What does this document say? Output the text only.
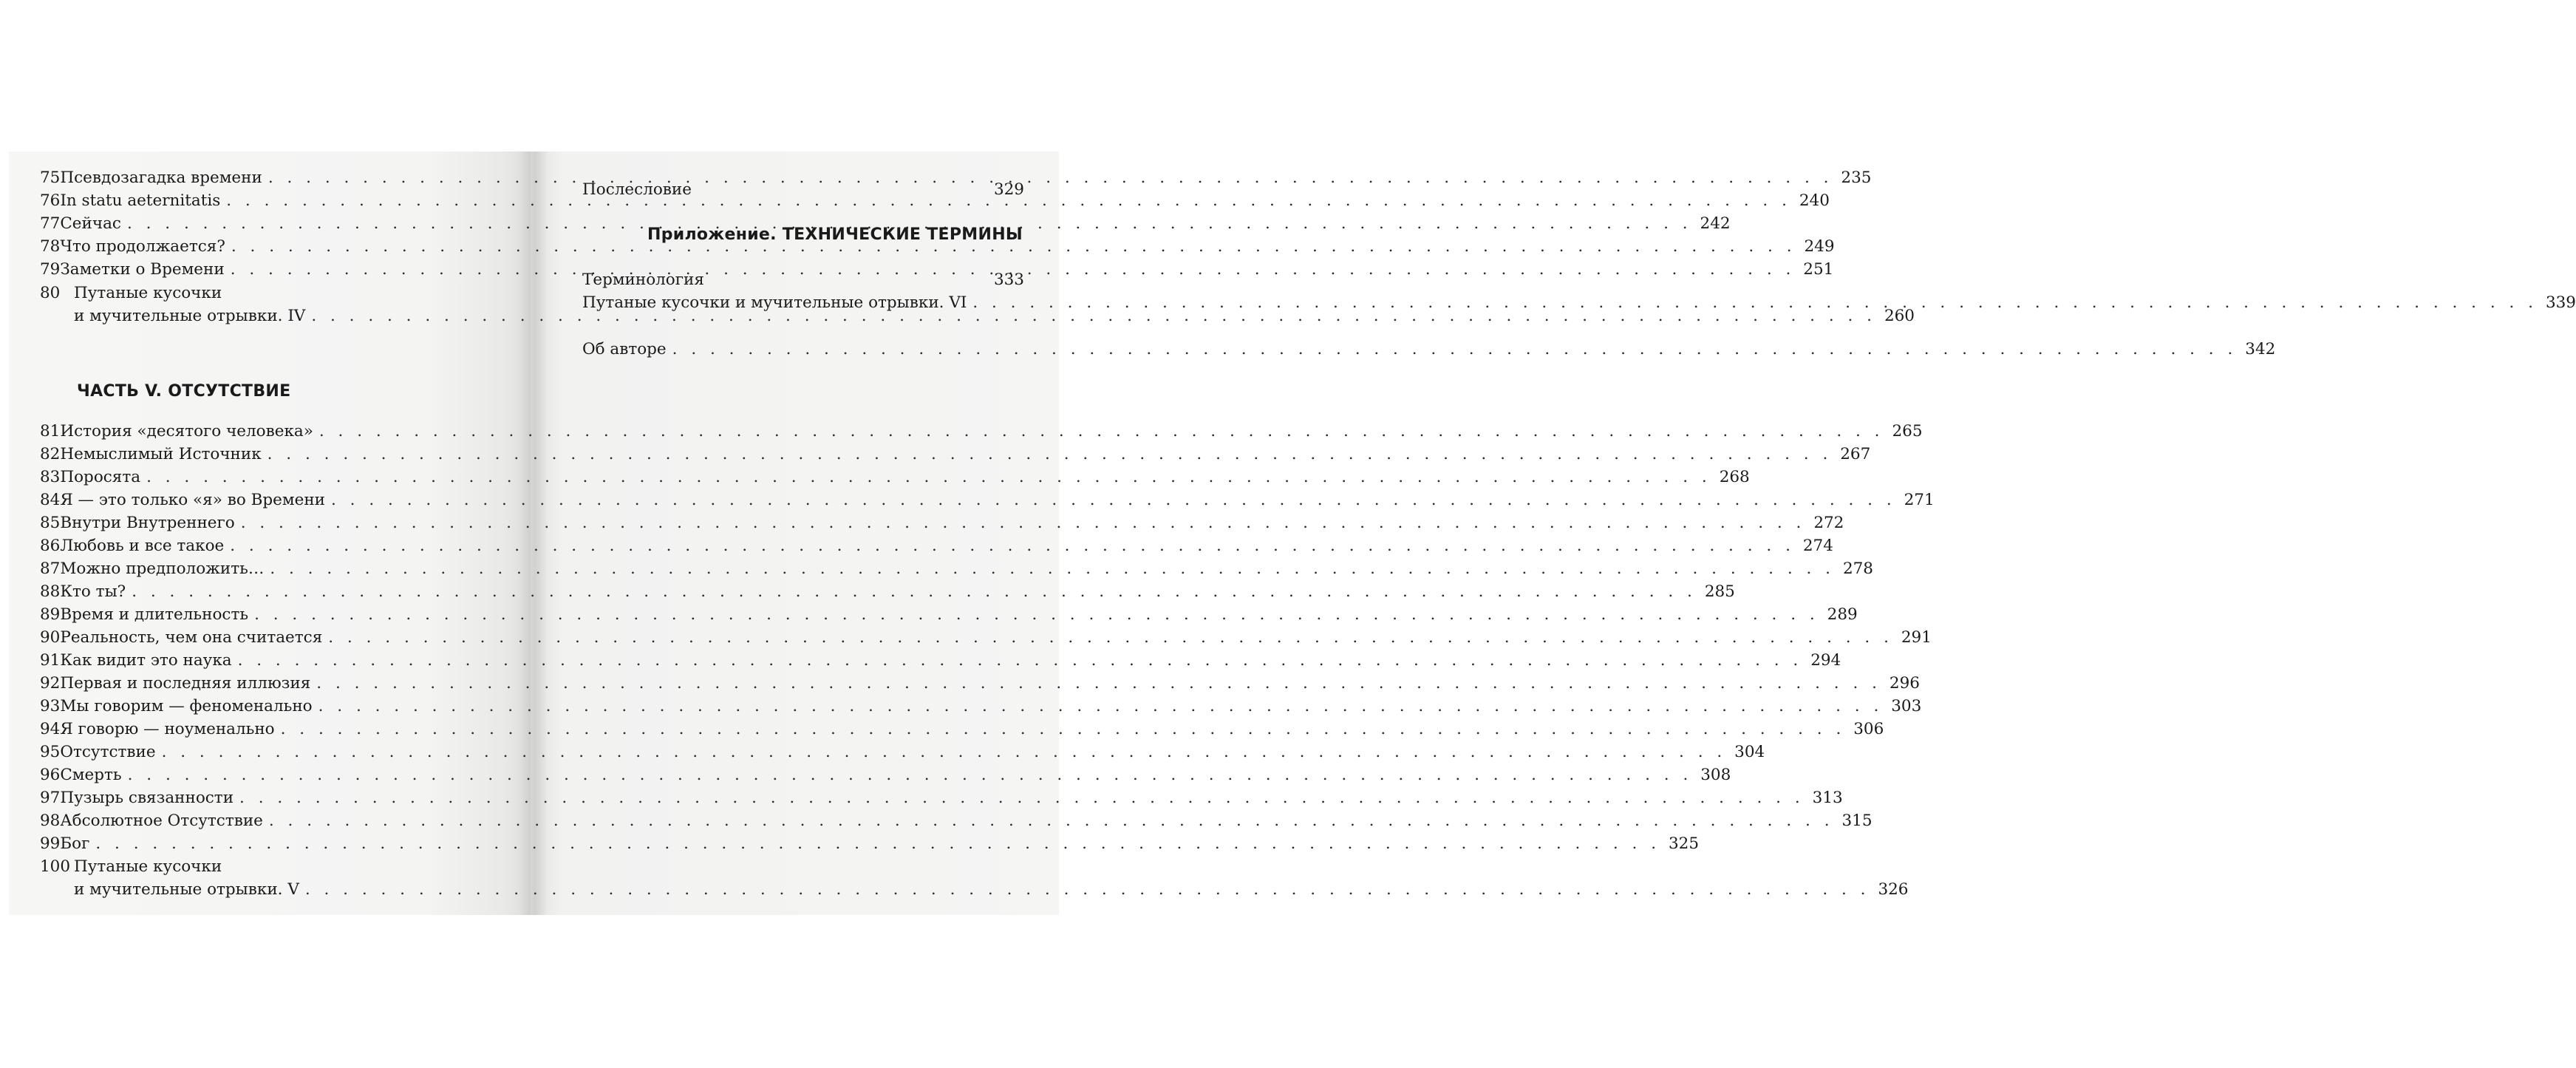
75 Псевдозагадка времени . . .	235
76 In statu aeternitatis . . .	240
77 Сейчас . . .	242
78 Что продолжается? . . .	249
79 Заметки о Времени . . .	251
80 Путаные кусочки
и мучительные отрывки. IV . . .	260
ЧАСТЬ V. ОТСУТСТВИЕ
81 История «десятого человека» . . .	265
82 Немыслимый Источник . . .	267
83 Поросята . . .	268
84 Я — это только «я» во Времени . . .	271
85 Внутри Внутреннего . . .	272
86 Любовь и все такое . . .	274
87 Можно предположить… . . .	278
88 Кто ты? . . .	285
89 Время и длительность . . .	289
90 Реальность, чем она считается . . .	291
91 Как видит это наука . . .	294
92 Первая и последняя иллюзия . . .	296
93 Мы говорим — феноменально . . .	303
94 Я говорю — ноуменально . . .	306
95 Отсутствие . . .	304
96 Смерть . . .	308
97 Пузырь связанности . . .	313
98 Абсолютное Отсутствие . . .	315
99 Бог . . .	325
100 Путаные кусочки
и мучительные отрывки. V . . .	326
Послесловие	329
Приложение. ТЕХНИЧЕСКИЕ ТЕРМИНЫ
Терминология	333
Путаные кусочки и мучительные отрывки. VI . . .	339
Об авторе . . .	342
